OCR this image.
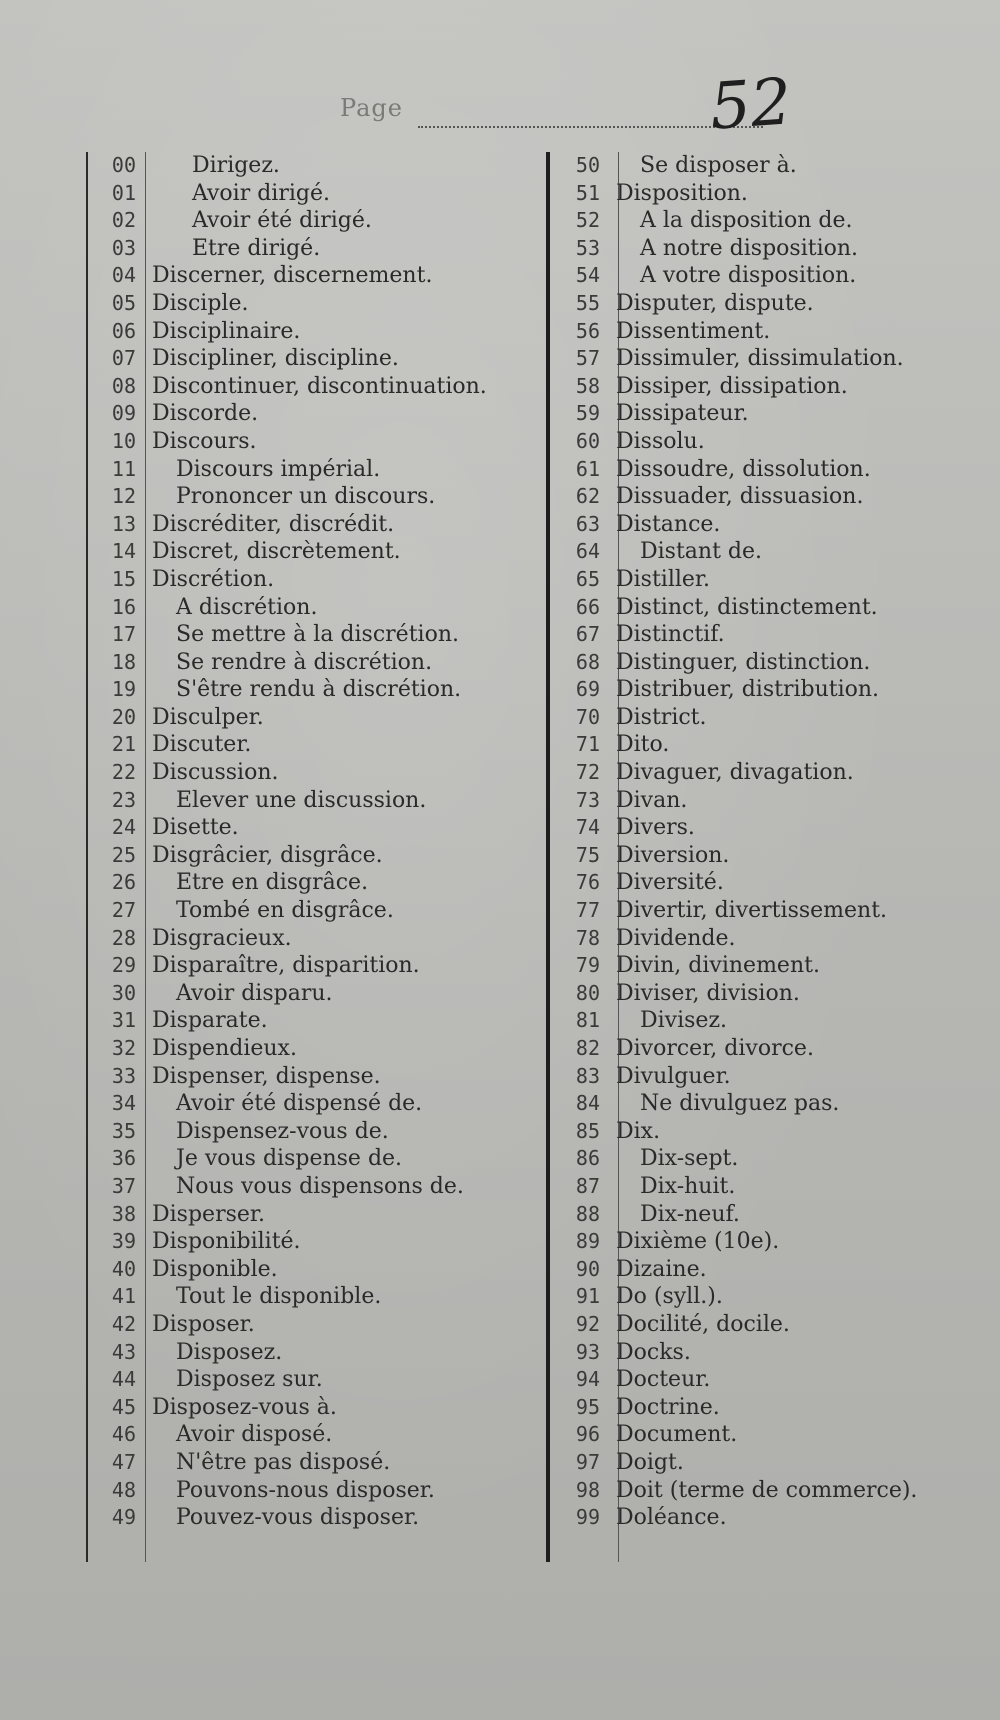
Page	52
00	Dirigez.
01	Avoir dirigé.
02	Avoir été dirigé.
03	Etre dirigé.
04 Discerner, discernement.
05 Disciple.
06 Disciplinaire.
07 Discipliner, discipline.
08 Discontinuer, discontinuation.
09 Discorde.
10 Discours.
11 Discours impérial.
12 Prononcer un discours.
13 Discréditer, discrédit.
14 Discret, discrètement.
15 Discrétion.
16 A discrétion.
17 Se mettre à la discrétion.
18 Se rendre à discrétion.
19 S'être rendu à discrétion.
20 Disculper.
21 Discuter.
22 Discussion.
23 Elever une discussion.
24 Disette.
25 Disgrâcier, disgrâce.
26 Etre en disgrâce.
27 Tombé en disgrâce.
28 Disgracieux.
29 Disparaître, disparition.
30 Avoir disparu.
31 Disparate.
32 Dispendieux.
33 Dispenser, dispense.
34 Avoir été dispensé de.
35 Dispensez-vous de.
36 Je vous dispense de.
37 Nous vous dispensons de.
38 Disperser.
39 Disponibilité.
40 Disponible.
41 Tout le disponible.
42 Disposer.
43 Disposez.
44 Disposez sur.
45 Disposez-vous à.
46 Avoir disposé.
47 N'être pas disposé.
48 Pouvons-nous disposer.
49 Pouvez-vous disposer.
50 Se disposer à.
51 Disposition.
52 A la disposition de.
53 A notre disposition.
54 A votre disposition.
55 Disputer, dispute.
56 Dissentiment.
57 Dissimuler, dissimulation.
58 Dissiper, dissipation.
59 Dissipateur.
60 Dissolu.
61 Dissoudre, dissolution.
62 Dissuader, dissuasion.
63 Distance.
64 Distant de.
65 Distiller.
66 Distinct, distinctement.
67 Distinctif.
68 Distinguer, distinction.
69 Distribuer, distribution.
70 District.
71 Dito.
72 Divaguer, divagation.
73 Divan.
74 Divers.
75 Diversion.
76 Diversité.
77 Divertir, divertissement.
78 Dividende.
79 Divin, divinement.
80 Diviser, division.
81 Divisez.
82 Divorcer, divorce.
83 Divulguer.
84 Ne divulguez pas.
85 Dix.
86 Dix-sept.
87 Dix-huit.
88 Dix-neuf.
89 Dixième (10e).
90 Dizaine.
91 Do (syll.).
92 Docilité, docile.
93 Docks.
94 Docteur.
95 Doctrine.
96 Document.
97 Doigt.
98 Doit (terme de commerce).
99 Doléance.
